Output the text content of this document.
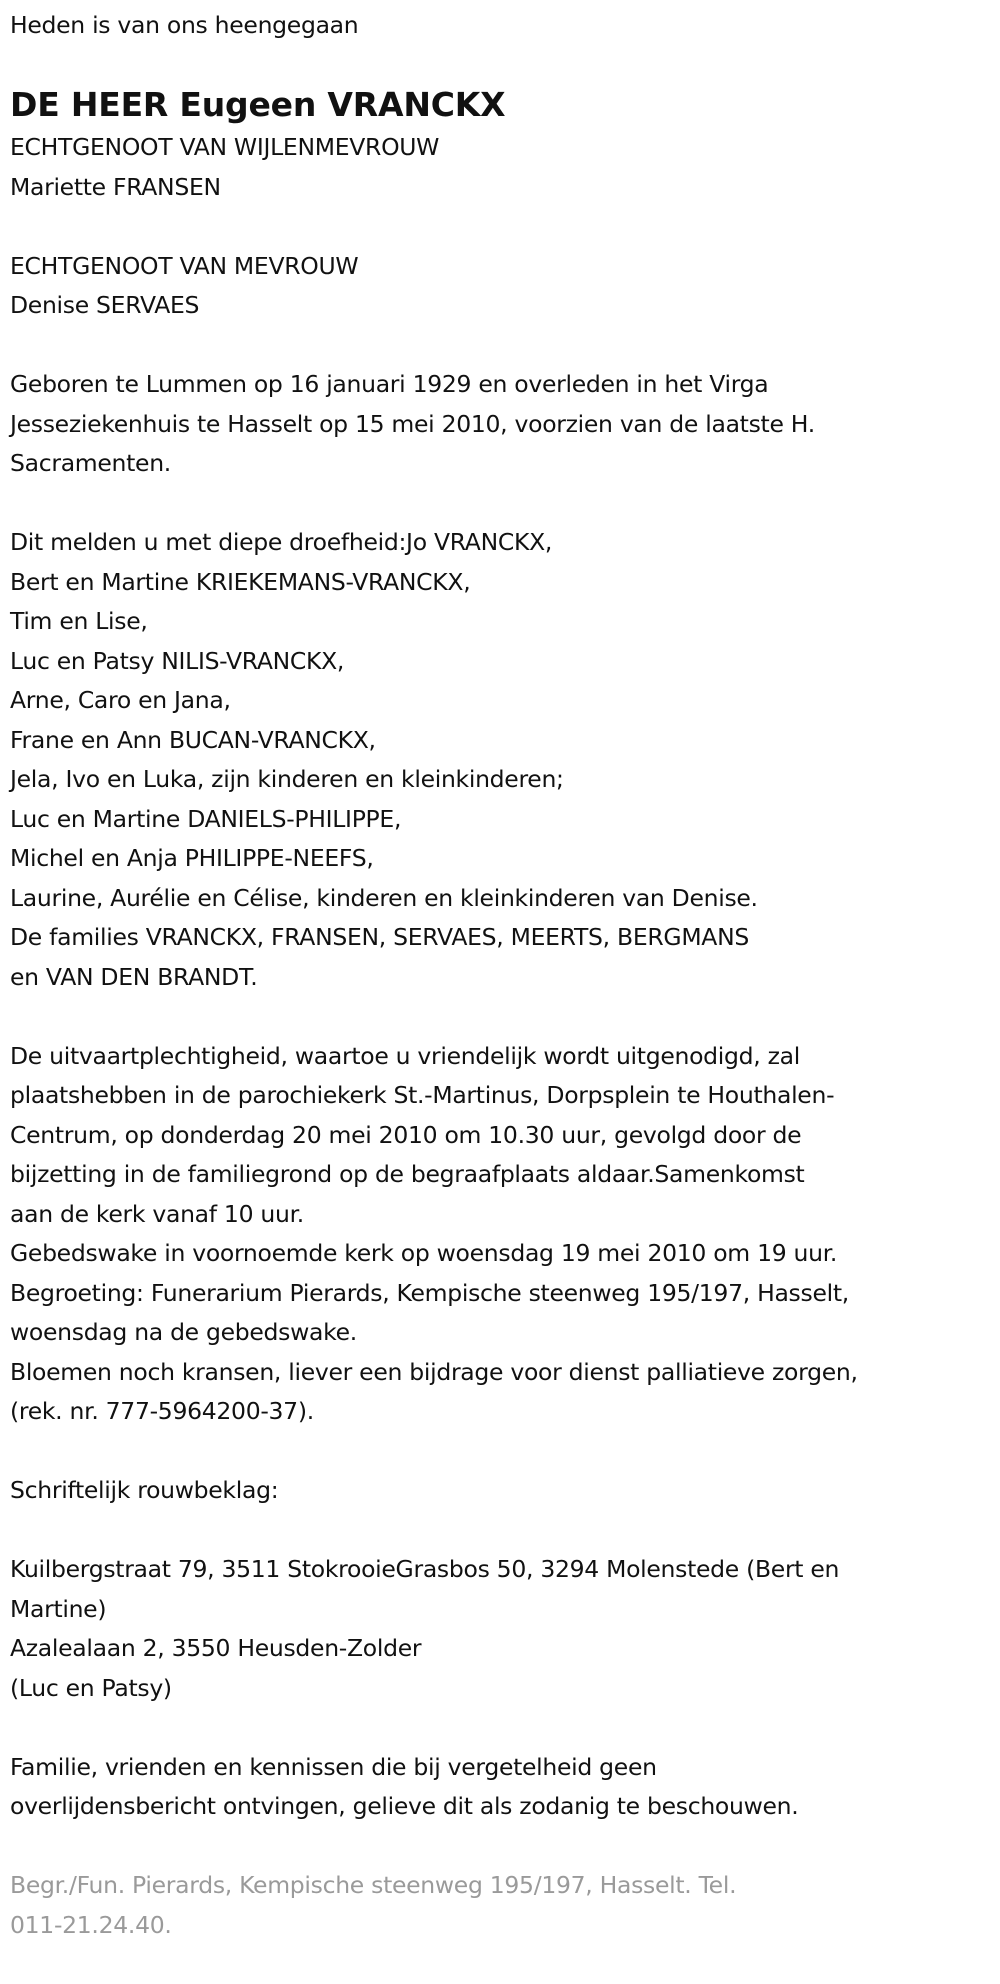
Heden is van ons heengegaan
DE HEER Eugeen VRANCKX
ECHTGENOOT VAN WIJLENMEVROUW
Mariette FRANSEN
ECHTGENOOT VAN MEVROUW
Denise SERVAES
Geboren te Lummen op 16 januari 1929 en overleden in het Virga
Jesseziekenhuis te Hasselt op 15 mei 2010, voorzien van de laatste H.
Sacramenten.
Dit melden u met diepe droefheid:Jo VRANCKX,
Bert en Martine KRIEKEMANS-VRANCKX,
Tim en Lise,
Luc en Patsy NILIS-VRANCKX,
Arne, Caro en Jana,
Frane en Ann BUCAN-VRANCKX,
Jela, Ivo en Luka, zijn kinderen en kleinkinderen;
Luc en Martine DANIELS-PHILIPPE,
Michel en Anja PHILIPPE-NEEFS,
Laurine, Aurélie en Célise, kinderen en kleinkinderen van Denise.
De families VRANCKX, FRANSEN, SERVAES, MEERTS, BERGMANS
en VAN DEN BRANDT.
De uitvaartplechtigheid, waartoe u vriendelijk wordt uitgenodigd, zal
plaatshebben in de parochiekerk St.-Martinus, Dorpsplein te Houthalen-
Centrum, op donderdag 20 mei 2010 om 10.30 uur, gevolgd door de
bijzetting in de familiegrond op de begraafplaats aldaar.Samenkomst
aan de kerk vanaf 10 uur.
Gebedswake in voornoemde kerk op woensdag 19 mei 2010 om 19 uur.
Begroeting: Funerarium Pierards, Kempische steenweg 195/197, Hasselt,
woensdag na de gebedswake.
Bloemen noch kransen, liever een bijdrage voor dienst palliatieve zorgen,
(rek. nr. 777-5964200-37).
Schriftelijk rouwbeklag:
Kuilbergstraat 79, 3511 StokrooieGrasbos 50, 3294 Molenstede (Bert en
Martine)
Azalealaan 2, 3550 Heusden-Zolder
(Luc en Patsy)
Familie, vrienden en kennissen die bij vergetelheid geen
overlijdensbericht ontvingen, gelieve dit als zodanig te beschouwen.
Begr./Fun. Pierards, Kempische steenweg 195/197, Hasselt. Tel.
011-21.24.40.
